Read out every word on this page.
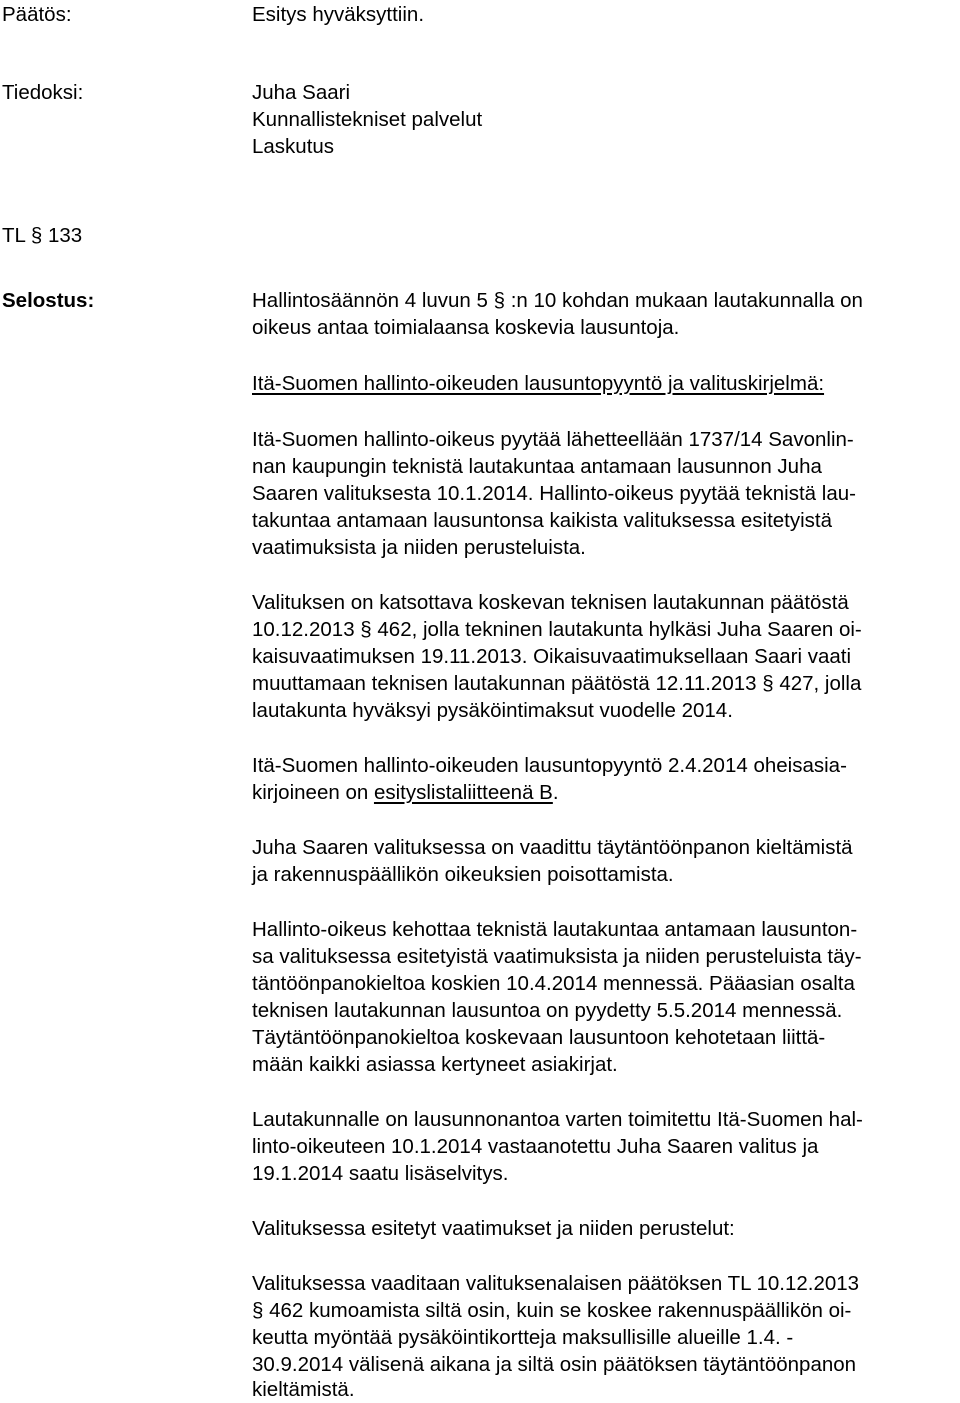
Päätös:	Esitys hyväksyttiin.
Tiedoksi:	Juha Saari
Kunnallistekniset palvelut
Laskutus
TL § 133
Selostus:	Hallintosäännön 4 luvun 5 § :n 10 kohdan mukaan lautakunnalla on
oikeus antaa toimialaansa koskevia lausuntoja.
Itä-Suomen hallinto-oikeuden lausuntopyyntö ja valituskirjelmä:
Itä-Suomen hallinto-oikeus pyytää lähetteellään 1737/14 Savonlin-
nan kaupungin teknistä lautakuntaa antamaan lausunnon Juha
Saaren valituksesta 10.1.2014. Hallinto-oikeus pyytää teknistä lau-
takuntaa antamaan lausuntonsa kaikista valituksessa esitetyistä
vaatimuksista ja niiden perusteluista.
Valituksen on katsottava koskevan teknisen lautakunnan päätöstä
10.12.2013 § 462, jolla tekninen lautakunta hylkäsi Juha Saaren oi-
kaisuvaatimuksen 19.11.2013. Oikaisuvaatimuksellaan Saari vaati
muuttamaan teknisen lautakunnan päätöstä 12.11.2013 § 427, jolla
lautakunta hyväksyi pysäköintimaksut vuodelle 2014.
Itä-Suomen hallinto-oikeuden lausuntopyyntö 2.4.2014 oheisasia-
kirjoineen on esityslistaliitteenä B.
Juha Saaren valituksessa on vaadittu täytäntöönpanon kieltämistä
ja rakennuspäällikön oikeuksien poisottamista.
Hallinto-oikeus kehottaa teknistä lautakuntaa antamaan lausunton-
sa valituksessa esitetyistä vaatimuksista ja niiden perusteluista täy-
täntöönpanokieltoa koskien 10.4.2014 mennessä. Pääasian osalta
teknisen lautakunnan lausuntoa on pyydetty 5.5.2014 mennessä.
Täytäntöönpanokieltoa koskevaan lausuntoon kehotetaan liittä-
mään kaikki asiassa kertyneet asiakirjat.
Lautakunnalle on lausunnonantoa varten toimitettu Itä-Suomen hal-
linto-oikeuteen 10.1.2014 vastaanotettu Juha Saaren valitus ja
19.1.2014 saatu lisäselvitys.
Valituksessa esitetyt vaatimukset ja niiden perustelut:
Valituksessa vaaditaan valituksenalaisen päätöksen TL 10.12.2013
§ 462 kumoamista siltä osin, kuin se koskee rakennuspäällikön oi-
keutta myöntää pysäköintikortteja maksullisille alueille 1.4. -
30.9.2014 välisenä aikana ja siltä osin päätöksen täytäntöönpanon
kieltämistä.
